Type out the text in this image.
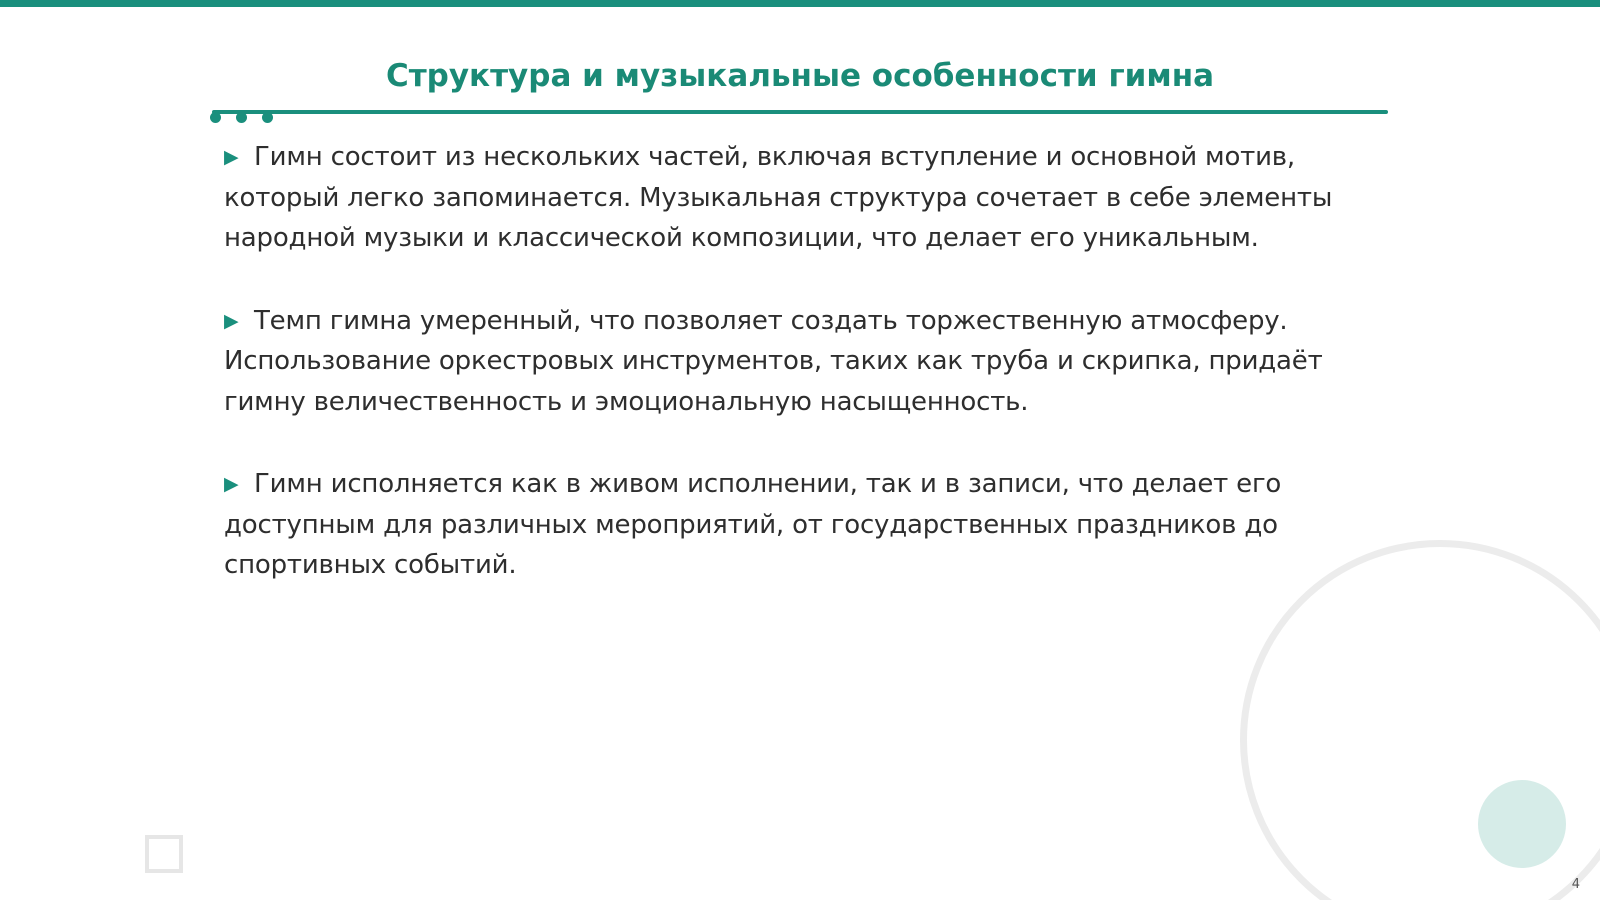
Структура и музыкальные особенности гимна

▶ Гимн состоит из нескольких частей, включая вступление и основной мотив, который легко запоминается. Музыкальная структура сочетает в себе элементы народной музыки и классической композиции, что делает его уникальным.

▶ Темп гимна умеренный, что позволяет создать торжественную атмосферу. Использование оркестровых инструментов, таких как труба и скрипка, придаёт гимну величественность и эмоциональную насыщенность.

▶ Гимн исполняется как в живом исполнении, так и в записи, что делает его доступным для различных мероприятий, от государственных праздников до спортивных событий.

4
